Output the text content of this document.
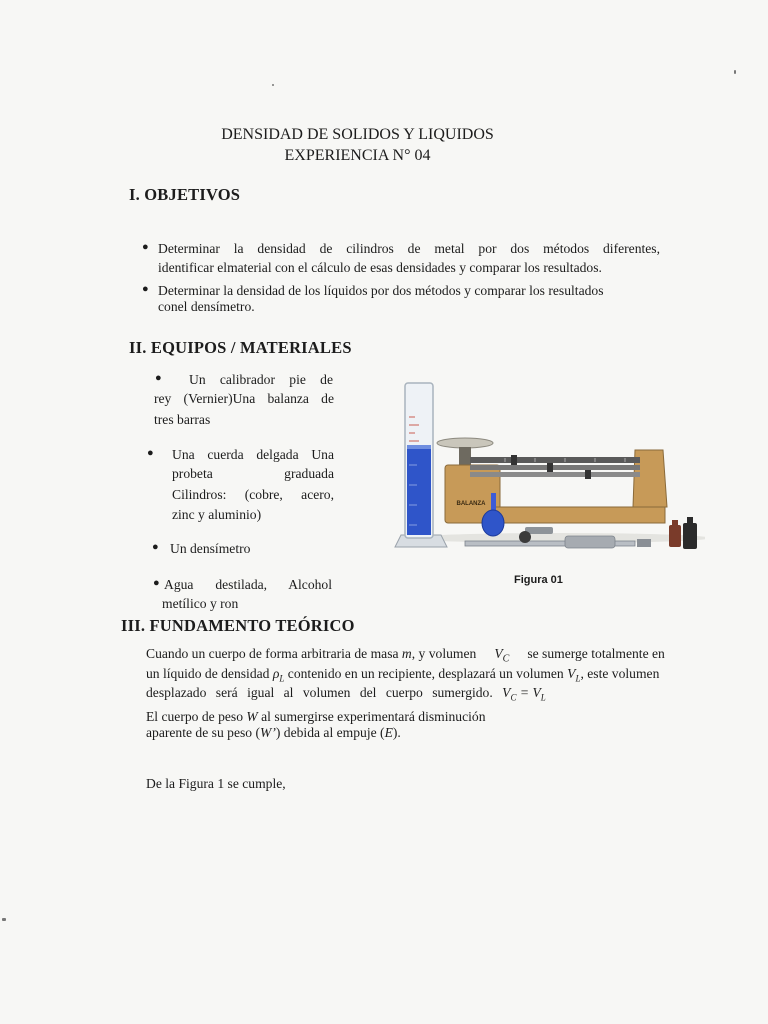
DENSIDAD DE SOLIDOS Y LIQUIDOS
EXPERIENCIA N° 04
I. OBJETIVOS
● Determinar la densidad de cilindros de metal por dos métodos diferentes,
identificar elmaterial con el cálculo de esas densidades y comparar los resultados.
● Determinar la densidad de los líquidos por dos métodos y comparar los resultados
conel densímetro.
II. EQUIPOS / MATERIALES
● Un calibrador pie de
rey (Vernier)Una balanza de
tres barras
● Una cuerda delgada Una
probeta graduada
Cilindros: (cobre, acero,
zinc y aluminio)
● Un densímetro
● Agua destilada, Alcohol
metílico y ron
BALANZA
Figura 01
III. FUNDAMENTO TEÓRICO
Cuando un cuerpo de forma arbitraria de masa m, y volumen $V_C$ se sumerge totalmente en
un líquido de densidad $\rho_L$ contenido en un recipiente, desplazará un volumen $V_L$, este volumen
desplazado será igual al volumen del cuerpo sumergido. $V_C = V_L$
El cuerpo de peso W al sumergirse experimentará disminución
aparente de su peso (W’) debida al empuje (E).
De la Figura 1 se cumple,
